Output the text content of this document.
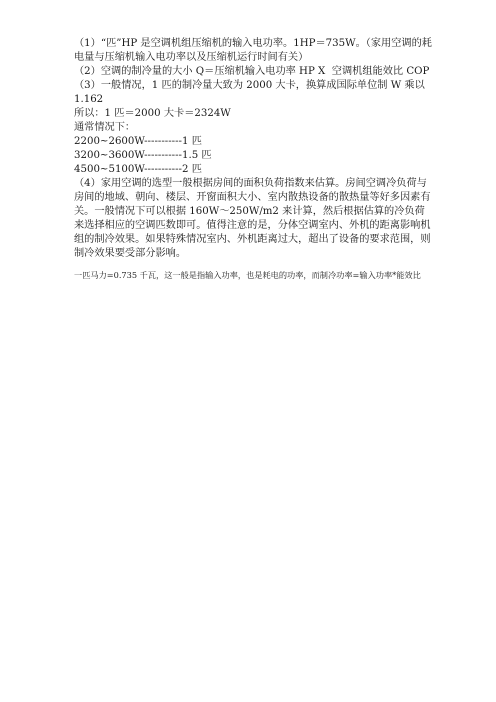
（1）“匹”HP 是空调机组压缩机的输入电功率。1HP＝735W。（家用空调的耗电量与压缩机输入电功率以及压缩机运行时间有关）

（2）空调的制冷量的大小 Q＝压缩机输入电功率 HP X  空调机组能效比 COP

（3）一般情况，1 匹的制冷量大致为 2000 大卡，换算成国际单位制 W 乘以 1.162

所以：1 匹＝2000 大卡＝2324W

通常情况下：

2200~2600W-----------1 匹

3200~3600W-----------1.5 匹

4500~5100W-----------2 匹

（4）家用空调的选型一般根据房间的面积负荷指数来估算。房间空调冷负荷与房间的地域、朝向、楼层、开窗面积大小、室内散热设备的散热量等好多因素有关。一般情况下可以根据 160W～250W/m2 来计算，然后根据估算的冷负荷来选择相应的空调匹数即可。值得注意的是，分体空调室内、外机的距离影响机组的制冷效果。如果特殊情况室内、外机距离过大，超出了设备的要求范围，则制冷效果要受部分影响。

一匹马力=0.735 千瓦，这一般是指输入功率，也是耗电的功率，而制冷功率=输入功率*能效比
